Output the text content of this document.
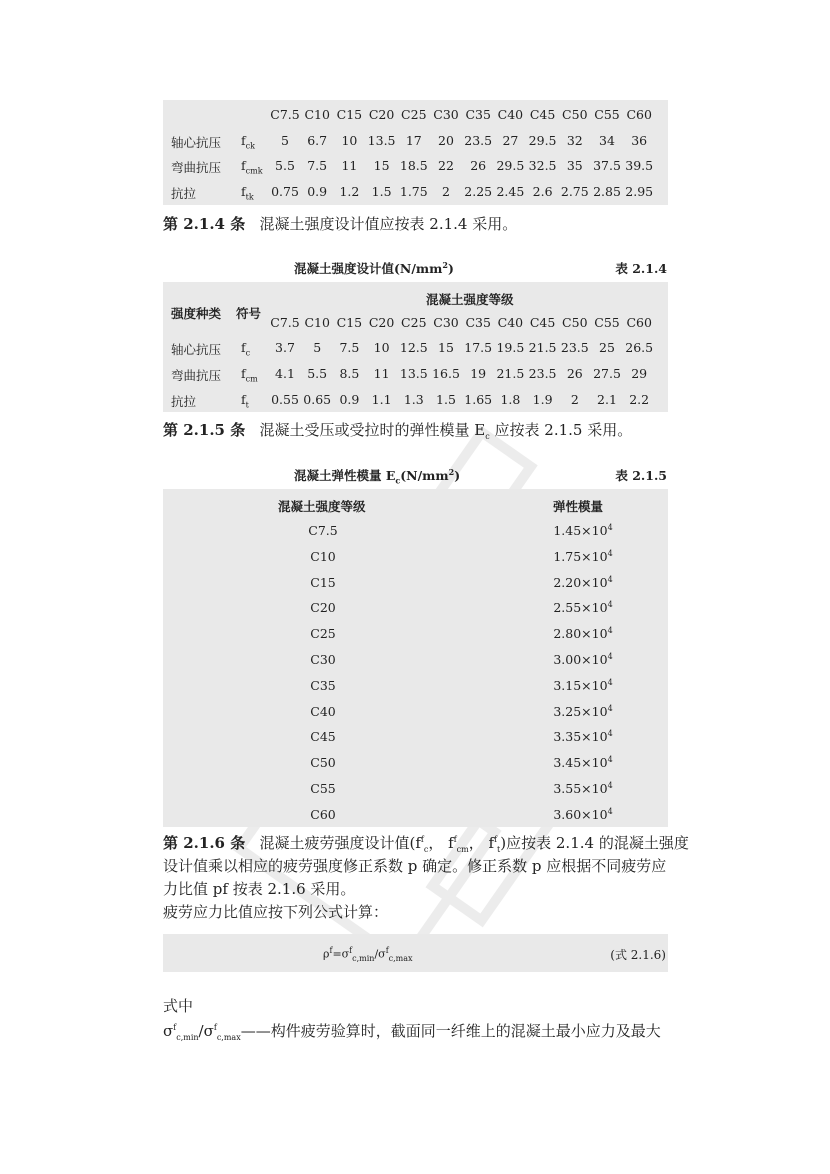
C7.5 C10 C15 C20 C25 C30 C35 C40 C45 C50 C55 C60
轴心抗压 $f_{ck}$	5	6.7	10 13.5 17	20 23.5 27 29.5 32	34	36
弯曲抗压 $f_{cmk}$ 5.5 7.5	11	15 18.5 22	26 29.5 32.5 35 37.5 39.5
抗拉	$f_{tk}$	0.75 0.9 1.2 1.5 1.75	2	2.25 2.45 2.6 2.75 2.85 2.95
第 2.1.4 条 混凝土强度设计值应按表 2.1.4 采用。
混凝土强度设计值$(N/mm^2)$	表 2.1.4
强度种类 符号
混凝土强度等级
C7.5 C10 C15 C20 C25 C30 C35 C40 C45 C50 C55 C60
轴心抗压 $f_c$	3.7	5	7.5	10 12.5 15 17.5 19.5 21.5 23.5 25 26.5
弯曲抗压 $f_{cm}$	4.1 5.5 8.5	11 13.5 16.5 19 21.5 23.5 26 27.5 29
抗拉	$f_t$	0.55 0.65 0.9 1.1 1.3 1.5 1.65 1.8 1.9	2	2.1 2.2
第 2.1.5 条 混凝土受压或受拉时的弹性模量 $E_c$ 应按表 2.1.5 采用。
混凝土弹性模量 $E_c(N/mm^2)$	表 2.1.5
混凝土强度等级	弹性模量
C7.5	$1.45\times 10^4$
C10	$1.75\times 10^4$
C15	$2.20\times 10^4$
C20	$2.55\times 10^4$
C25	$2.80\times 10^4$
C30	$3.00\times 10^4$
C35	$3.15\times 10^4$
C40	$3.25\times 10^4$
C45	$3.35\times 10^4$
C50	$3.45\times 10^4$
C55	$3.55\times 10^4$
C60	$3.60\times 10^4$
第 2.1.6 条 混凝土疲劳强度设计值($f^f_c$， $f^f_{cm}$， $f^f_t$)应按表 2.1.4 的混凝土强度
设计值乘以相应的疲劳强度修正系数 p 确定。修正系数 p 应根据不同疲劳应
力比值 pf 按表 2.1.6 采用。
疲劳应力比值应按下列公式计算：
$\rho^f=\sigma^f_{c,min}/\sigma^f_{c,max}$	(式 2.1.6)
式中
$\sigma^f_{c,min}/\sigma^f_{c,max}——$构件疲劳验算时，截面同一纤维上的混凝土最小应力及最大
